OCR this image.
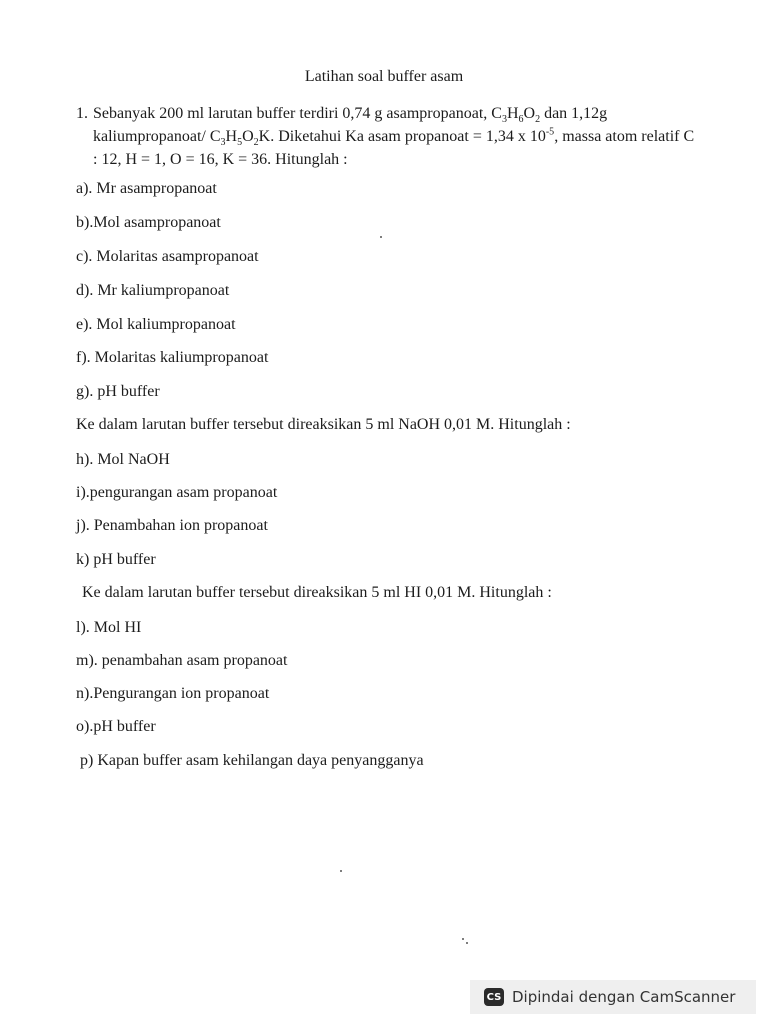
Latihan soal buffer asam
1. Sebanyak 200 ml larutan buffer terdiri 0,74 g asampropanoat, $C_3H_6O_2$ dan 1,12g
kaliumpropanoat/ $C_3H_5O_2K$. Diketahui Ka asam propanoat = 1,34 x $10^{-5}$, massa atom relatif C
: 12, H = 1, O = 16, K = 36. Hitunglah :
a). Mr asampropanoat
b).Mol asampropanoat
c). Molaritas asampropanoat
d). Mr kaliumpropanoat
e). Mol kaliumpropanoat
f). Molaritas kaliumpropanoat
g). pH buffer
Ke dalam larutan buffer tersebut direaksikan 5 ml NaOH 0,01 M. Hitunglah :
h). Mol NaOH
i).pengurangan asam propanoat
j). Penambahan ion propanoat
k) pH buffer
Ke dalam larutan buffer tersebut direaksikan 5 ml HI 0,01 M. Hitunglah :
l). Mol HI
m). penambahan asam propanoat
n).Pengurangan ion propanoat
o).pH buffer
p) Kapan buffer asam kehilangan daya penyangganya
CS Dipindai dengan CamScanner
